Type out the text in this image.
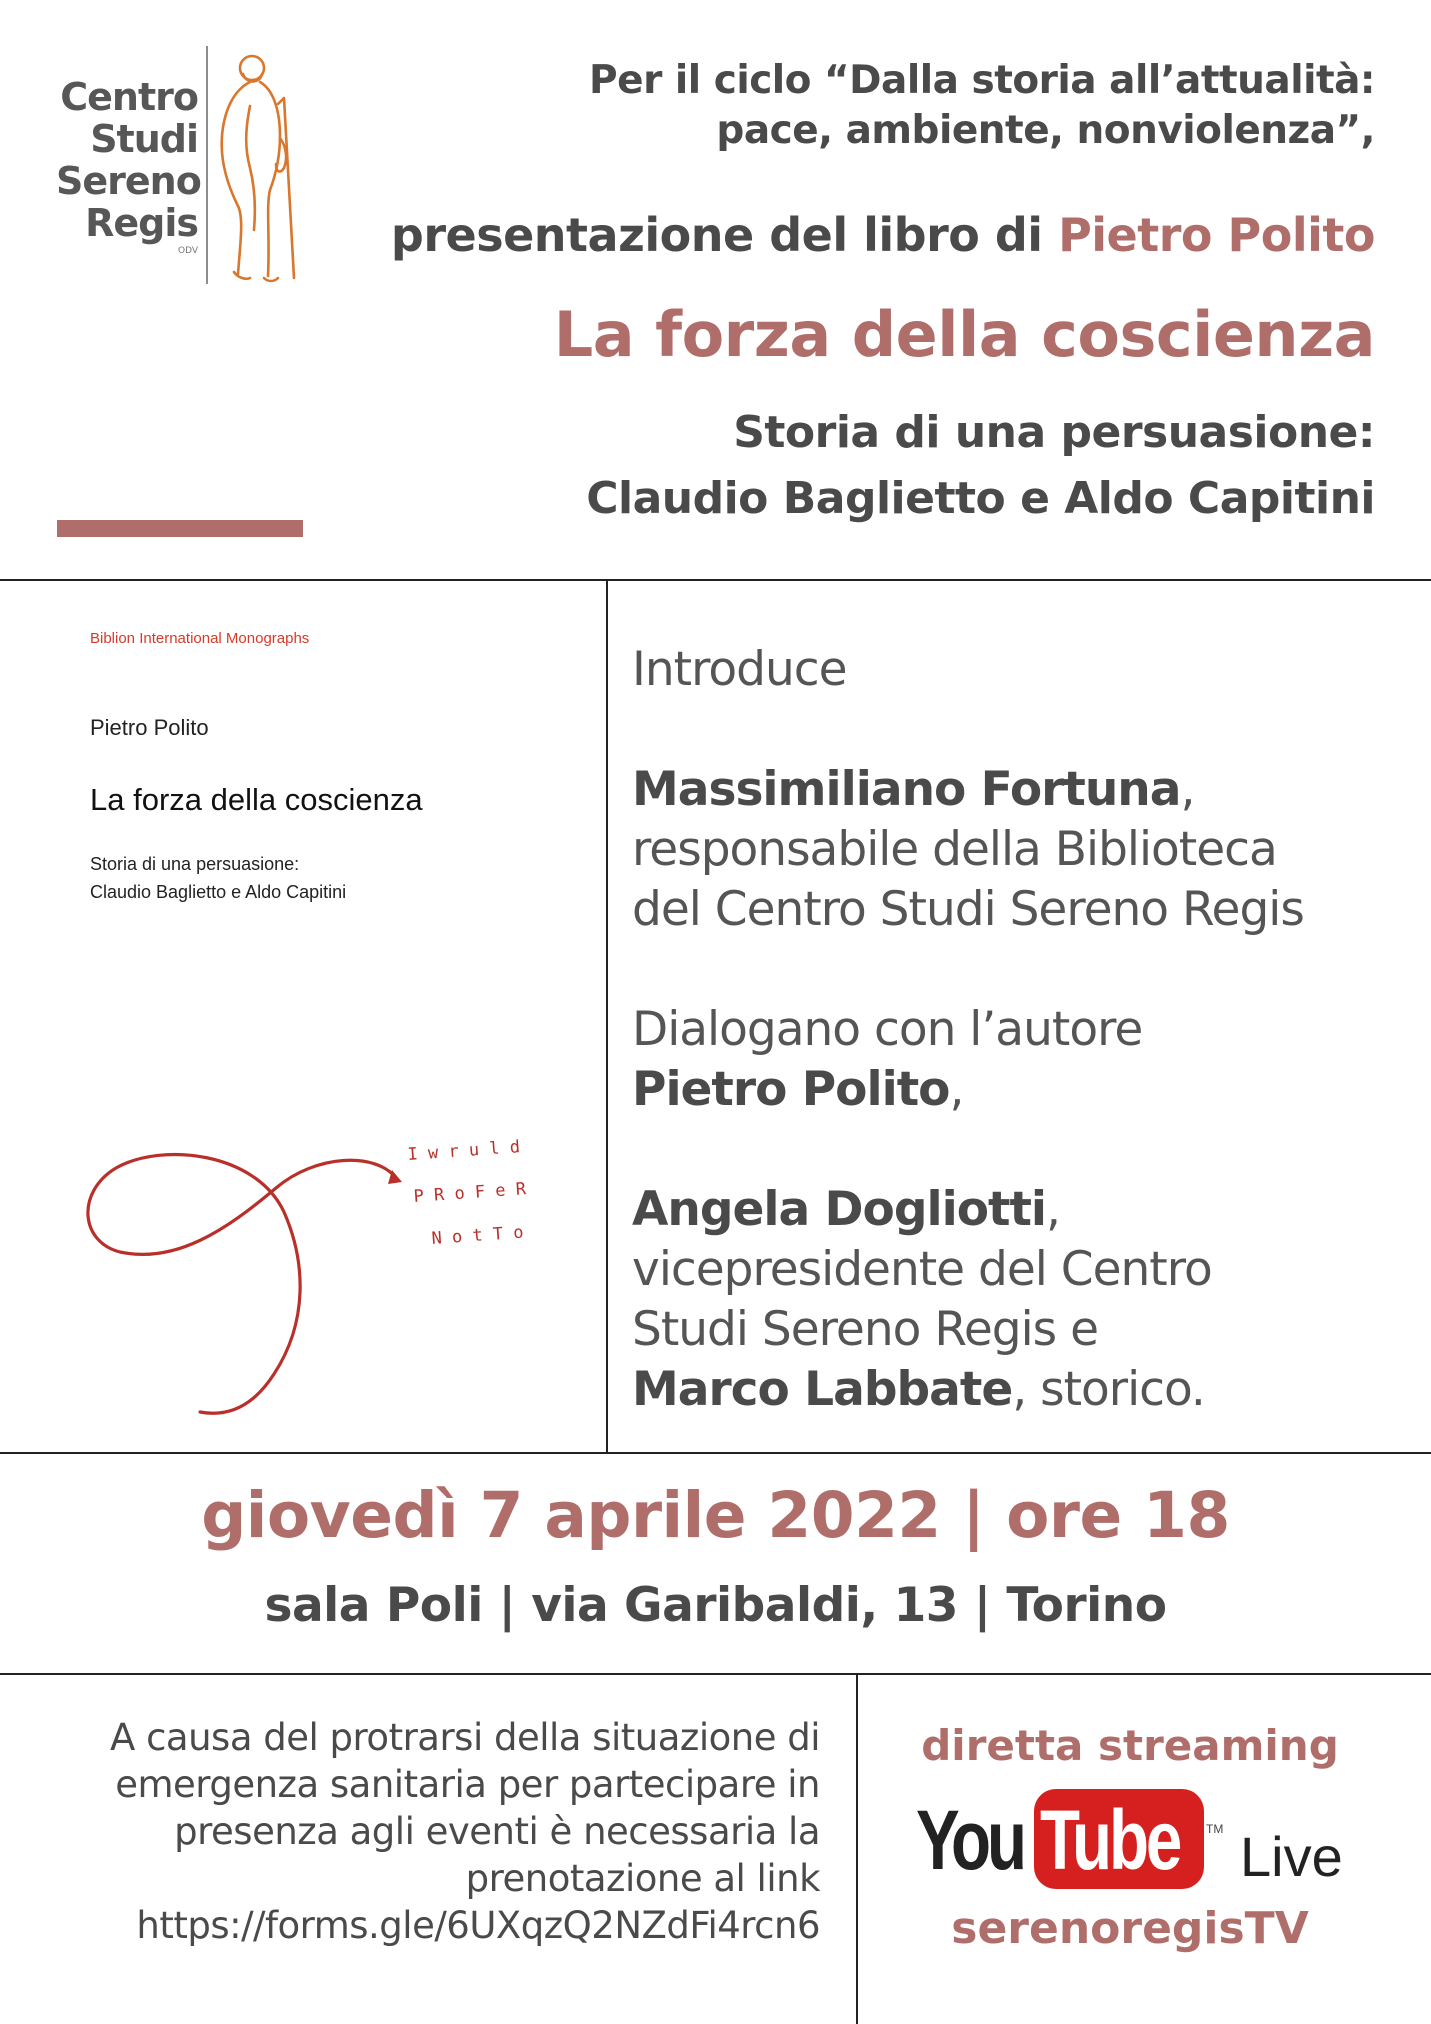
Centro
Studi
Sereno
Regis
ODV
Per il ciclo “Dalla storia all’attualità:
pace, ambiente, nonviolenza”,
presentazione del libro di Pietro Polito
La forza della coscienza
Storia di una persuasione:
Claudio Baglietto e Aldo Capitini
Biblion International Monographs
Pietro Polito
La forza della coscienza
Storia di una persuasione:
Claudio Baglietto e Aldo Capitini
I w r u l d
P R o F e R
N o t T o
Introduce
Massimiliano Fortuna,
responsabile della Biblioteca
del Centro Studi Sereno Regis
Dialogano con l’autore
Pietro Polito,
Angela Dogliotti,
vicepresidente del Centro
Studi Sereno Regis e
Marco Labbate, storico.
giovedì 7 aprile 2022 | ore 18
sala Poli | via Garibaldi, 13 | Torino
A causa del protrarsi della situazione di
emergenza sanitaria per partecipare in
presenza agli eventi è necessaria la
prenotazione al link
https://forms.gle/6UXqzQ2NZdFi4rcn6
diretta streaming
You Tube TM Live
serenoregisTV
